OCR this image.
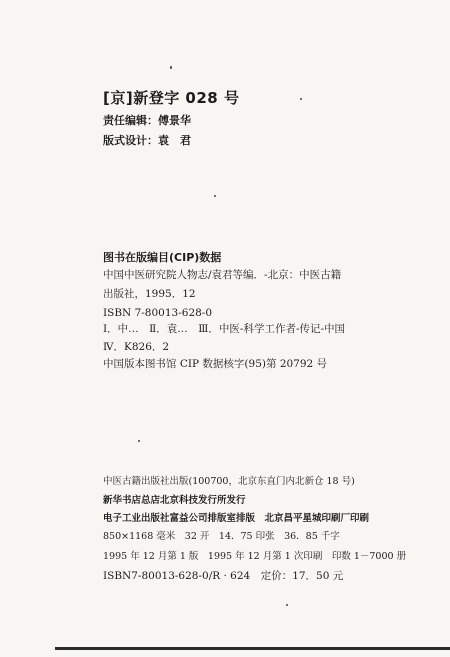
[京]新登字 028 号
责任编辑：傅景华
版式设计：袁　君
图书在版编目(CIP)数据
中国中医研究院人物志/袁君等编．-北京：中医古籍
出版社，1995．12
ISBN 7-80013-628-0
Ⅰ．中…　Ⅱ．袁…　Ⅲ．中医-科学工作者-传记-中国
Ⅳ．K826．2
中国版本图书馆 CIP 数据核字(95)第 20792 号
中医古籍出版社出版(100700，北京东直门内北新仓 18 号)
新华书店总店北京科技发行所发行
电子工业出版社富益公司排版室排版　北京昌平星城印刷厂印刷
850×1168 毫米　32 开　14．75 印张　36．85 千字
1995 年 12 月第 1 版　1995 年 12 月第 1 次印刷　印数 1－7000 册
ISBN7-80013-628-0/R · 624　定价：17．50 元
